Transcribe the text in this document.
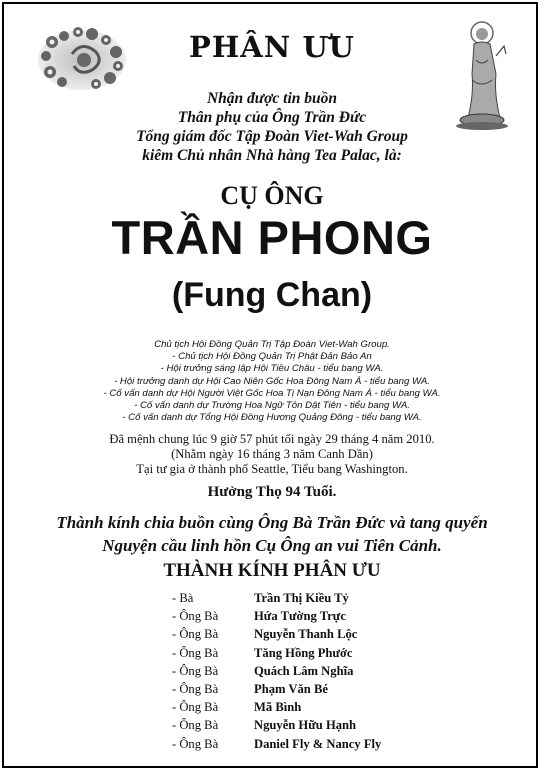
PHÂN ƯU
Nhận được tin buồn
Thân phụ của Ông Trần Đức
Tổng giám đốc Tập Đoàn Viet-Wah Group
kiêm Chủ nhân Nhà hàng Tea Palac, là:
CỤ ÔNG
TRẦN PHONG
(Fung Chan)
Chủ tịch Hội Đồng Quản Trị Tập Đoàn Viet-Wah Group.
- Chủ tịch Hội Đồng Quản Trị Phật Đản Bảo An
- Hội trưởng sáng lập Hội Tiều Châu - tiểu bang WA.
- Hội trưởng danh dự Hội Cao Niên Gốc Hoa Đông Nam Á - tiểu bang WA.
- Cố vấn danh dự Hội Người Việt Gốc Hoa Tị Nạn Đông Nam Á - tiểu bang WA.
- Cố vấn danh dự Trường Hoa Ngữ Tôn Dật Tiên - tiểu bang WA.
- Cố vấn danh dự Tổng Hội Đồng Hương Quảng Đông - tiểu bang WA.
Đã mệnh chung lúc 9 giờ 57 phút tối ngày 29 tháng 4 năm 2010.
(Nhằm ngày 16 tháng 3 năm Canh Dần)
Tại tư gia ở thành phố Seattle, Tiểu bang Washington.
Hưởng Thọ 94 Tuổi.
Thành kính chia buồn cùng Ông Bà Trần Đức và tang quyến
Nguyện cầu linh hồn Cụ Ông an vui Tiên Cảnh.
THÀNH KÍNH PHÂN ƯU
- Bà	Trần Thị Kiều Tỷ
- Ông Bà	Hứa Tường Trực
- Ông Bà	Nguyễn Thanh Lộc
- Ông Bà	Tăng Hồng Phước
- Ông Bà	Quách Lâm Nghĩa
- Ông Bà	Phạm Văn Bé
- Ông Bà	Mã Bình
- Ông Bà	Nguyễn Hữu Hạnh
- Ông Bà	Daniel Fly & Nancy Fly
